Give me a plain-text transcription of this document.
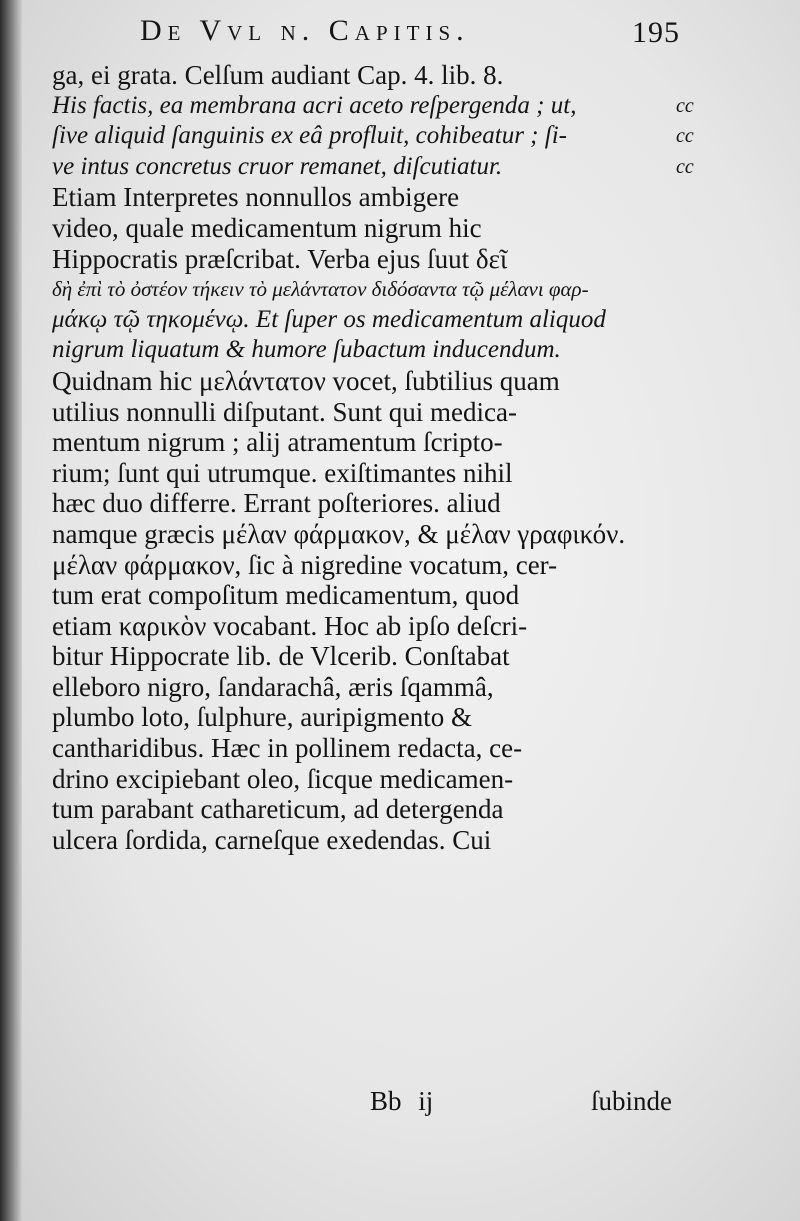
De Vvl n. Capitis.	195
ga, ei grata. Celſum audiant Cap. 4. lib. 8.
His factis, ea membrana acri aceto reſpergenda ; ut,
ſive aliquid ſanguinis ex eâ profluit, cohibeatur ; ſi-
ve intus concretus cruor remanet, diſcutiatur.
Etiam Interpretes nonnullos ambigere
video, quale medicamentum nigrum hic
Hippocratis præſcribat. Verba ejus ſuut δεῖ
δὴ ἐπὶ τὸ ὀστέον τήκειν τὸ μελάντατον διδόσαντα τῷ μέλανι φαρ-
μάκῳ τῷ τηκομένῳ. Et ſuper os medicamentum aliquod
nigrum liquatum & humore ſubactum inducendum.
Quidnam hic μελάντατον vocet, ſubtilius quam
utilius nonnulli diſputant. Sunt qui medica-
mentum nigrum ; alij atramentum ſcripto-
rium; ſunt qui utrumque. exiſtimantes nihil
hæc duo differre. Errant poſteriores. aliud
namque græcis μέλαν φάρμακον, & μέλαν γραφικόν.
μέλαν φάρμακον, ſic à nigredine vocatum, cer-
tum erat compoſitum medicamentum, quod
etiam καρικὸν vocabant. Hoc ab ipſo deſcri-
bitur Hippocrate lib. de Vlcerib. Conſtabat
elleboro nigro, ſandarachâ, æris ſqammâ,
plumbo loto, ſulphure, auripigmento &
cantharidibus. Hæc in pollinem redacta, ce-
drino excipiebant oleo, ſicque medicamen-
tum parabant cathareticum, ad detergenda
ulcera ſordida, carneſque exedendas. Cui
cc
cc
cc
Bb ij	ſubinde
